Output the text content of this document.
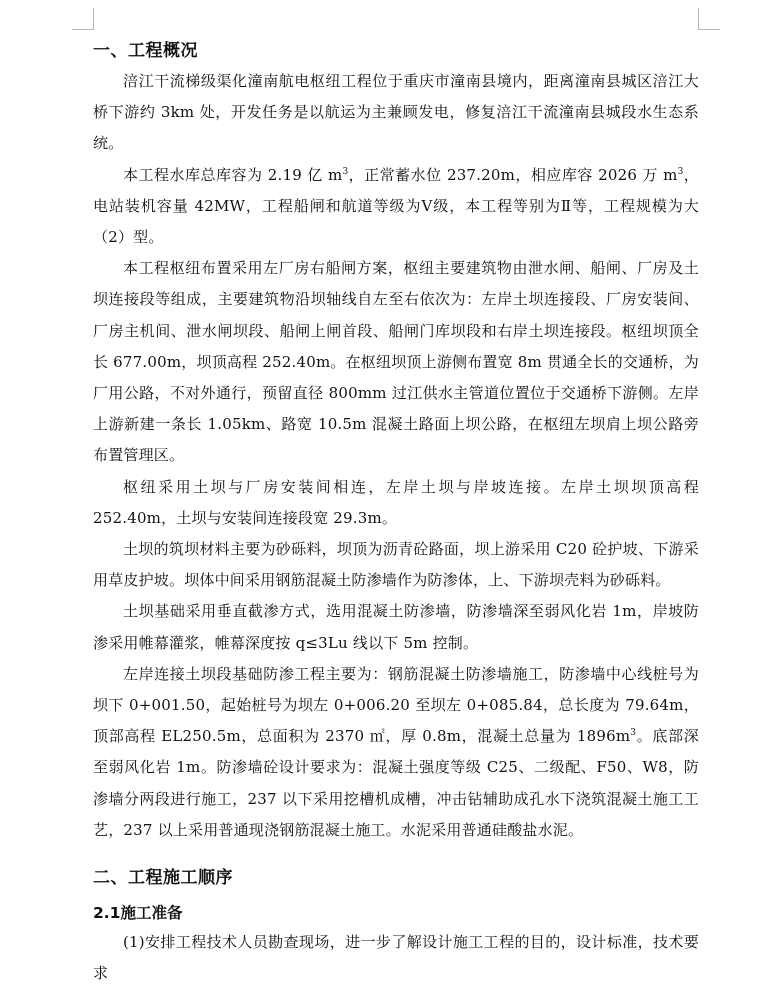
一、工程概况

涪江干流梯级渠化潼南航电枢纽工程位于重庆市潼南县境内，距离潼南县城区涪江大桥下游约 3km 处，开发任务是以航运为主兼顾发电，修复涪江干流潼南县城段水生态系统。

本工程水库总库容为 2.19 亿 $m^3$，正常蓄水位 237.20m，相应库容 2026 万 $m^3$，电站装机容量 42MW，工程船闸和航道等级为Ⅴ级，本工程等别为Ⅱ等，工程规模为大（2）型。

本工程枢纽布置采用左厂房右船闸方案，枢纽主要建筑物由泄水闸、船闸、厂房及土坝连接段等组成，主要建筑物沿坝轴线自左至右依次为：左岸土坝连接段、厂房安装间、厂房主机间、泄水闸坝段、船闸上闸首段、船闸门库坝段和右岸土坝连接段。枢纽坝顶全长 677.00m，坝顶高程 252.40m。在枢纽坝顶上游侧布置宽 8m 贯通全长的交通桥，为厂用公路，不对外通行，预留直径 800mm 过江供水主管道位置位于交通桥下游侧。左岸上游新建一条长 1.05km、路宽 10.5m 混凝土路面上坝公路，在枢纽左坝肩上坝公路旁布置管理区。

枢纽采用土坝与厂房安装间相连，左岸土坝与岸坡连接。左岸土坝坝顶高程 252.40m，土坝与安装间连接段宽 29.3m。

土坝的筑坝材料主要为砂砾料，坝顶为沥青砼路面，坝上游采用 C20 砼护坡、下游采用草皮护坡。坝体中间采用钢筋混凝土防渗墙作为防渗体，上、下游坝壳料为砂砾料。

土坝基础采用垂直截渗方式，选用混凝土防渗墙，防渗墙深至弱风化岩 1m，岸坡防渗采用帷幕灌浆，帷幕深度按 q≤3Lu 线以下 5m 控制。

左岸连接土坝段基础防渗工程主要为：钢筋混凝土防渗墙施工，防渗墙中心线桩号为坝下 0+001.50，起始桩号为坝左 0+006.20 至坝左 0+085.84，总长度为 79.64m，顶部高程 EL250.5m，总面积为 2370 ㎡，厚 0.8m，混凝土总量为 $1896m^3$。底部深至弱风化岩 1m。防渗墙砼设计要求为：混凝土强度等级 C25、二级配、F50、W8，防渗墙分两段进行施工，237 以下采用挖槽机成槽，冲击钻辅助成孔水下浇筑混凝土施工工艺，237 以上采用普通现浇钢筋混凝土施工。水泥采用普通硅酸盐水泥。

二、工程施工顺序
2.1施工准备

(1)安排工程技术人员勘查现场，进一步了解设计施工工程的目的，设计标准，技术要求
